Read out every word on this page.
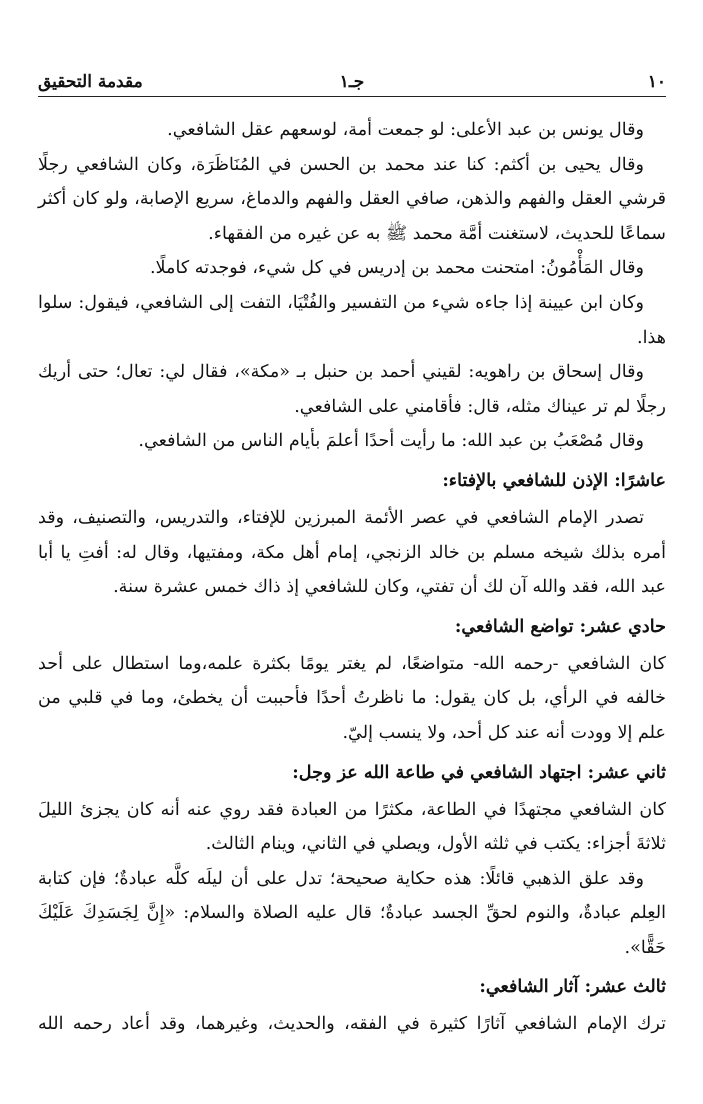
١٠
جـ١
مقدمة التحقيق

وقال يونس بن عبد الأعلى: لو جمعت أمة، لوسعهم عقل الشافعي.

وقال يحيى بن أكثم: كنا عند محمد بن الحسن في المُنَاظَرَة، وكان الشافعي رجلًا قرشي العقل والفهم والذهن، صافي العقل والفهم والدماغ، سريع الإصابة، ولو كان أكثر سماعًا للحديث، لاستغنت أمَّة محمد ﷺ به عن غيره من الفقهاء.

وقال المَأْمُونُ: امتحنت محمد بن إدريس في كل شيء، فوجدته كاملًا.

وكان ابن عيينة إذا جاءه شيء من التفسير والفُتْيَا، التفت إلى الشافعي، فيقول: سلوا هذا.

وقال إسحاق بن راهويه: لقيني أحمد بن حنبل بـ «مكة»، فقال لي: تعال؛ حتى أريك رجلًا لم تر عيناك مثله، قال: فأقامني على الشافعي.

وقال مُصْعَبُ بن عبد الله: ما رأيت أحدًا أعلمَ بأيام الناس من الشافعي.

عاشرًا: الإذن للشافعي بالإفتاء:

تصدر الإمام الشافعي في عصر الأئمة المبرزين للإفتاء، والتدريس، والتصنيف، وقد أمره بذلك شيخه مسلم بن خالد الزنجي، إمام أهل مكة، ومفتيها، وقال له: أفتِ يا أبا عبد الله، فقد والله آن لك أن تفتي، وكان للشافعي إذ ذاك خمس عشرة سنة.

حادي عشر: تواضع الشافعي:

كان الشافعي -رحمه الله- متواضعًا، لم يغتر يومًا بكثرة علمه،وما استطال على أحد خالفه في الرأي، بل كان يقول: ما ناظرتُ أحدًا فأحببت أن يخطئ، وما في قلبي من علم إلا وودت أنه عند كل أحد، ولا ينسب إليّ.

ثاني عشر: اجتهاد الشافعي في طاعة الله عز وجل:

كان الشافعي مجتهدًا في الطاعة، مكثرًا من العبادة فقد روي عنه أنه كان يجزئ الليلَ ثلاثةَ أجزاء: يكتب في ثلثه الأول، ويصلي في الثاني، وينام الثالث.

وقد علق الذهبي قائلًا: هذه حكاية صحيحة؛ تدل على أن ليلَه كلَّه عبادةٌ؛ فإن كتابة العِلم عبادةٌ، والنوم لحقِّ الجسد عبادةٌ؛ قال عليه الصلاة والسلام: «إِنَّ لِجَسَدِكَ عَلَيْكَ حَقًّا».

ثالث عشر: آثار الشافعي:

ترك الإمام الشافعي آثارًا كثيرة في الفقه، والحديث، وغيرهما، وقد أعاد رحمه الله
